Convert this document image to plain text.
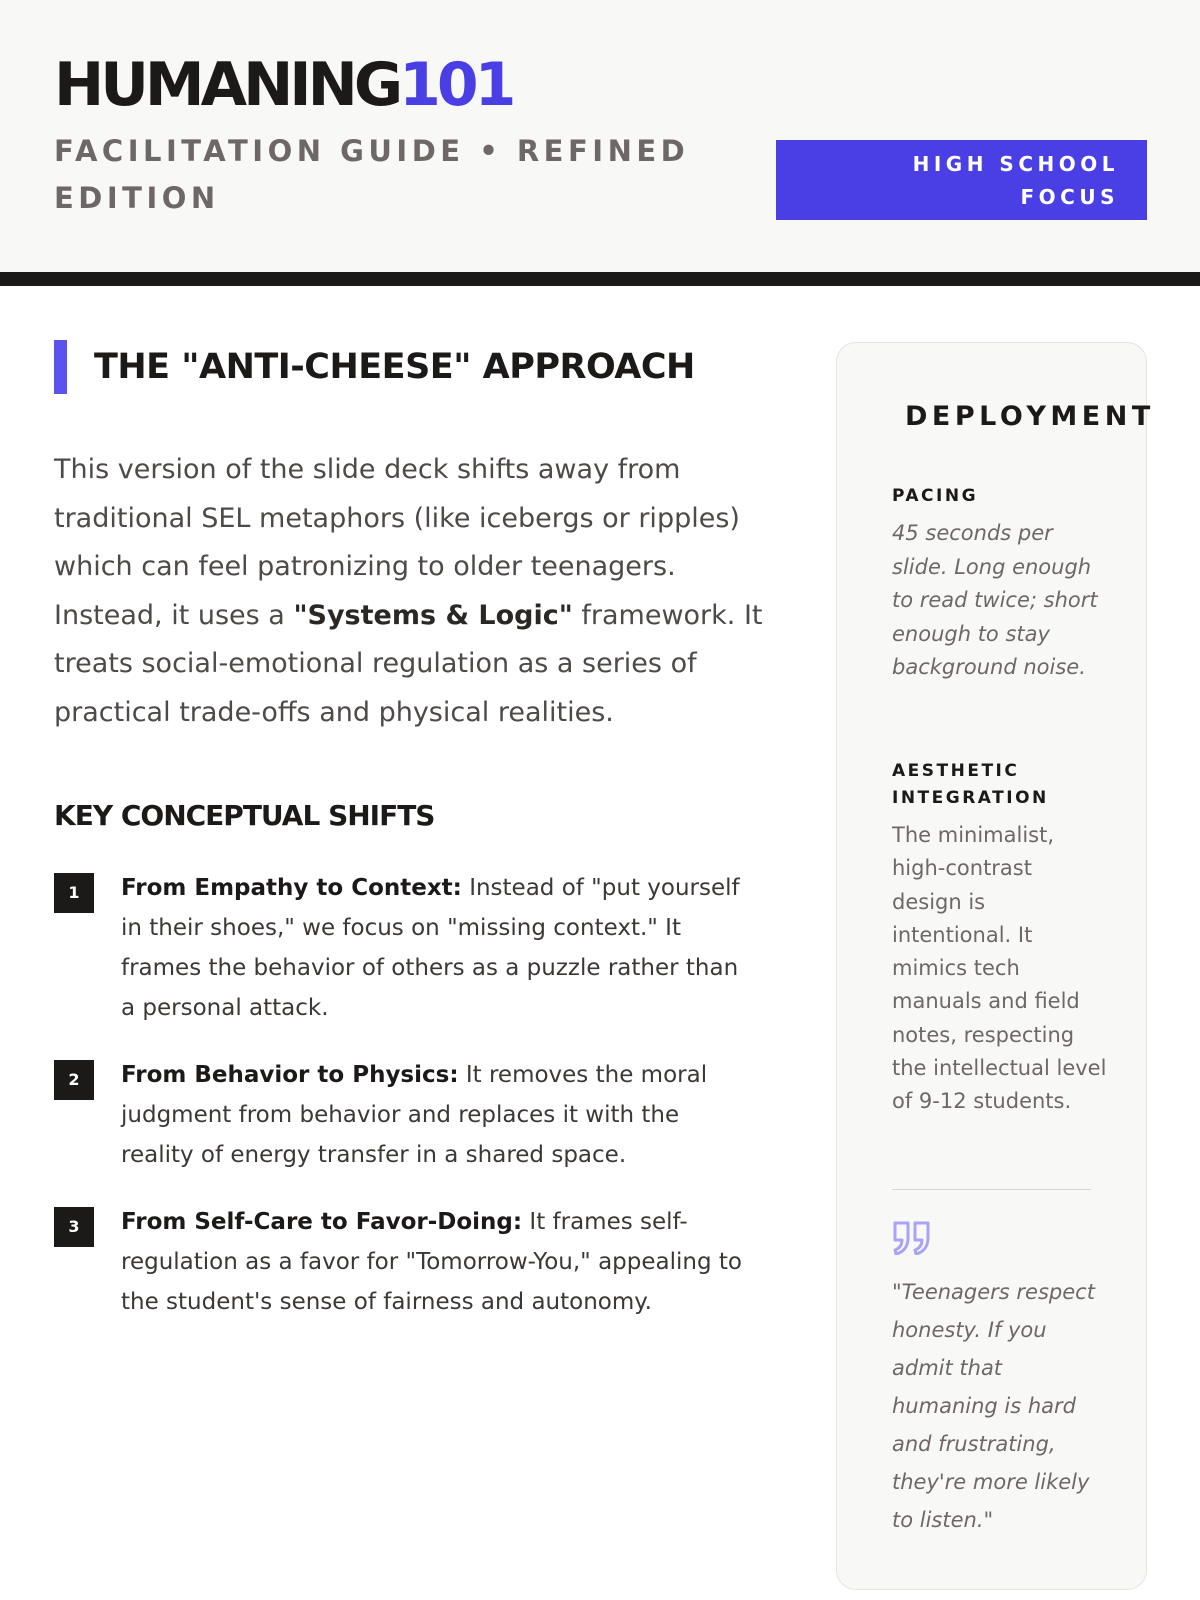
HUMANING101
FACILITATION GUIDE • REFINED EDITION
HIGH SCHOOL
FOCUS
THE "ANTI-CHEESE" APPROACH

This version of the slide deck shifts away from traditional SEL metaphors (like icebergs or ripples) which can feel patronizing to older teenagers. Instead, it uses a "Systems & Logic" framework. It treats social-emotional regulation as a series of practical trade-offs and physical realities.

KEY CONCEPTUAL SHIFTS
1	From Empathy to Context: Instead of "put yourself in their shoes," we focus on "missing context." It frames the behavior of others as a puzzle rather than a personal attack.
2	From Behavior to Physics: It removes the moral judgment from behavior and replaces it with the reality of energy transfer in a shared space.
3	From Self-Care to Favor-Doing: It frames self-regulation as a favor for "Tomorrow-You," appealing to the student's sense of fairness and autonomy.
DEPLOYMENT
PACING
45 seconds per slide. Long enough to read twice; short enough to stay background noise.
AESTHETIC INTEGRATION
The minimalist, high-contrast design is intentional. It mimics tech manuals and field notes, respecting the intellectual level of 9-12 students.
"Teenagers respect honesty. If you admit that humaning is hard and frustrating, they're more likely to listen."
